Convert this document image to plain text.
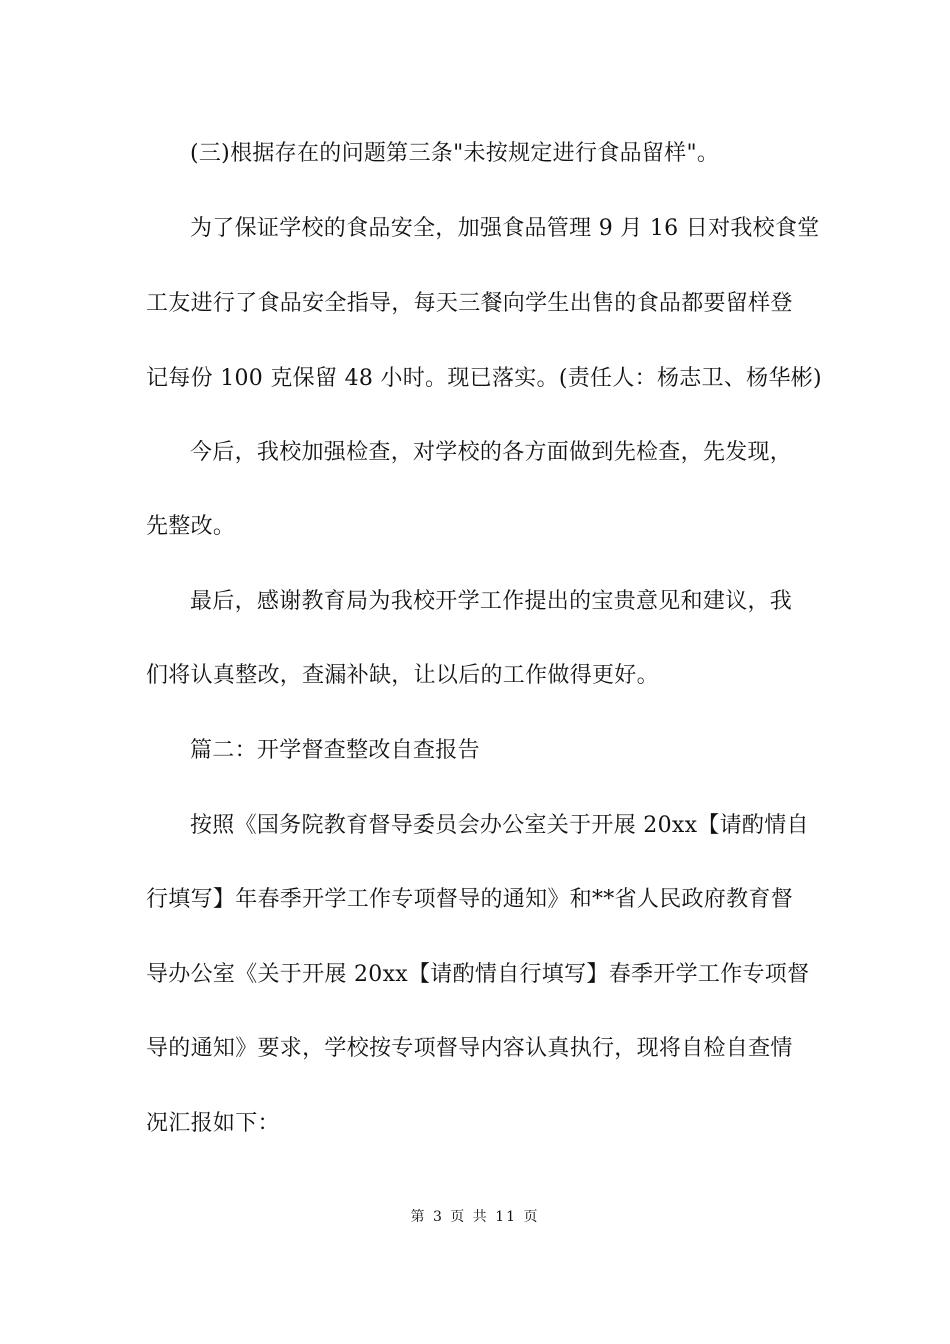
(三)根据存在的问题第三条"未按规定进行食品留样"。
为了保证学校的食品安全，加强食品管理 9 月 16 日对我校食堂
工友进行了食品安全指导，每天三餐向学生出售的食品都要留样登
记每份 100 克保留 48 小时。现已落实。(责任人：杨志卫、杨华彬)
今后，我校加强检查，对学校的各方面做到先检查，先发现，
先整改。
最后，感谢教育局为我校开学工作提出的宝贵意见和建议，我
们将认真整改，查漏补缺，让以后的工作做得更好。
篇二：开学督查整改自查报告
按照《国务院教育督导委员会办公室关于开展 20xx【请酌情自
行填写】年春季开学工作专项督导的通知》和**省人民政府教育督
导办公室《关于开展 20xx【请酌情自行填写】春季开学工作专项督
导的通知》要求，学校按专项督导内容认真执行，现将自检自查情
况汇报如下：
第 3 页 共 11 页
